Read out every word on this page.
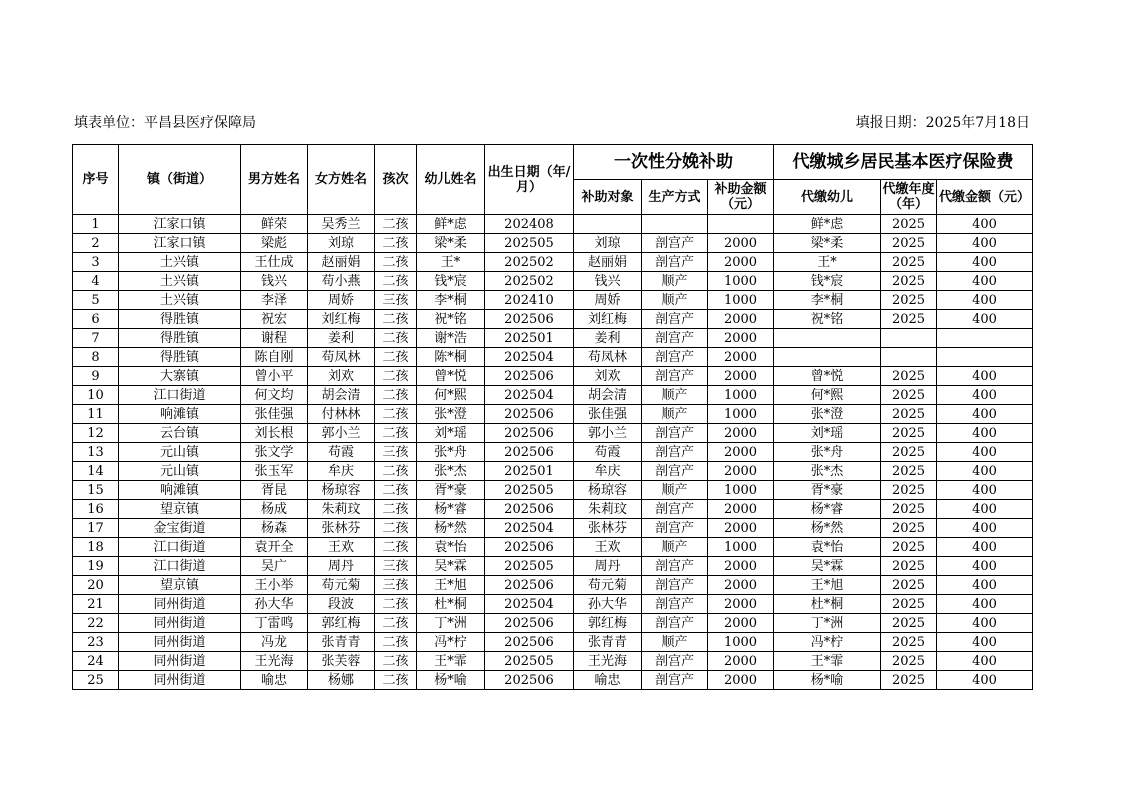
填表单位：平昌县医疗保障局	填报日期：2025年7月18日
序号	镇（街道）	男方姓名	女方姓名	孩次	幼儿姓名	出生日期（年/月）	一次性分娩补助			代缴城乡居民基本医疗保险费		
							补助对象	生产方式	补助金额（元）	代缴幼儿	代缴年度（年）	代缴金额（元）
1	江家口镇	鲜荣	吴秀兰	二孩	鲜*虑	202408				鲜*虑	2025	400
2	江家口镇	梁彪	刘琼	二孩	梁*柔	202505	刘琼	剖宫产	2000	梁*柔	2025	400
3	土兴镇	王仕成	赵丽娟	二孩	王*	202502	赵丽娟	剖宫产	2000	王*	2025	400
4	土兴镇	钱兴	苟小燕	二孩	钱*宸	202502	钱兴	顺产	1000	钱*宸	2025	400
5	土兴镇	李泽	周娇	三孩	李*桐	202410	周娇	顺产	1000	李*桐	2025	400
6	得胜镇	祝宏	刘红梅	二孩	祝*铭	202506	刘红梅	剖宫产	2000	祝*铭	2025	400
7	得胜镇	谢程	姜利	二孩	谢*浩	202501	姜利	剖宫产	2000			
8	得胜镇	陈自刚	苟凤林	二孩	陈*桐	202504	苟凤林	剖宫产	2000			
9	大寨镇	曾小平	刘欢	二孩	曾*悦	202506	刘欢	剖宫产	2000	曾*悦	2025	400
10	江口街道	何文均	胡会清	二孩	何*熙	202504	胡会清	顺产	1000	何*熙	2025	400
11	响滩镇	张佳强	付林林	二孩	张*澄	202506	张佳强	顺产	1000	张*澄	2025	400
12	云台镇	刘长根	郭小兰	二孩	刘*瑶	202506	郭小兰	剖宫产	2000	刘*瑶	2025	400
13	元山镇	张文学	苟霞	三孩	张*舟	202506	苟霞	剖宫产	2000	张*舟	2025	400
14	元山镇	张玉军	牟庆	二孩	张*杰	202501	牟庆	剖宫产	2000	张*杰	2025	400
15	响滩镇	胥昆	杨琼容	二孩	胥*豪	202505	杨琼容	顺产	1000	胥*豪	2025	400
16	望京镇	杨成	朱莉玟	二孩	杨*睿	202506	朱莉玟	剖宫产	2000	杨*睿	2025	400
17	金宝街道	杨森	张林芬	二孩	杨*然	202504	张林芬	剖宫产	2000	杨*然	2025	400
18	江口街道	袁开全	王欢	二孩	袁*怡	202506	王欢	顺产	1000	袁*怡	2025	400
19	江口街道	吴广	周丹	三孩	吴*霖	202505	周丹	剖宫产	2000	吴*霖	2025	400
20	望京镇	王小举	苟元菊	三孩	王*旭	202506	苟元菊	剖宫产	2000	王*旭	2025	400
21	同州街道	孙大华	段波	二孩	杜*桐	202504	孙大华	剖宫产	2000	杜*桐	2025	400
22	同州街道	丁雷鸣	郭红梅	二孩	丁*洲	202506	郭红梅	剖宫产	2000	丁*洲	2025	400
23	同州街道	冯龙	张青青	二孩	冯*柠	202506	张青青	顺产	1000	冯*柠	2025	400
24	同州街道	王光海	张芙蓉	二孩	王*霏	202505	王光海	剖宫产	2000	王*霏	2025	400
25	同州街道	喻忠	杨娜	二孩	杨*喻	202506	喻忠	剖宫产	2000	杨*喻	2025	400
